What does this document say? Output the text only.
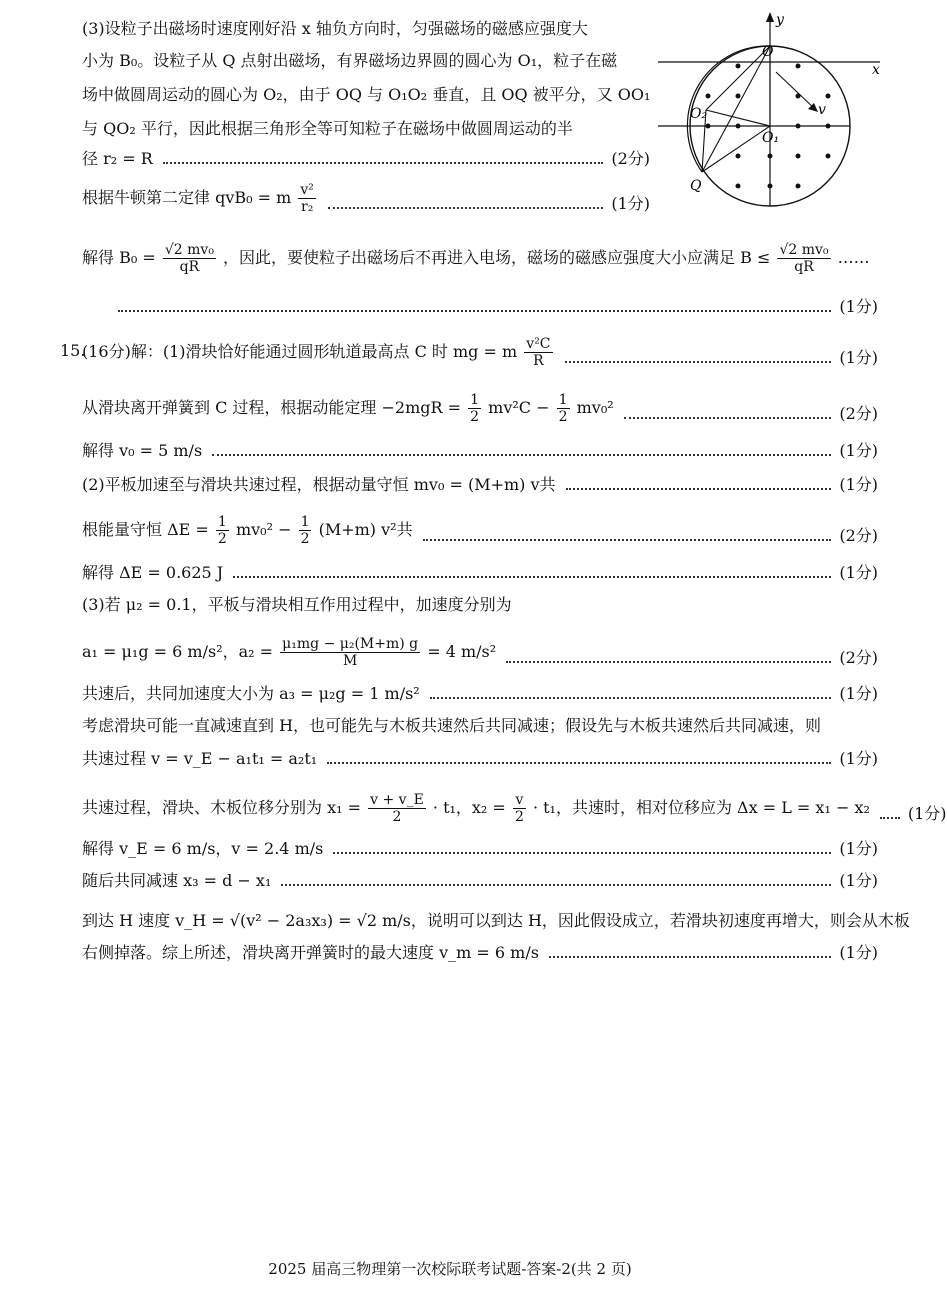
(3)设粒子出磁场时速度刚好沿 x 轴负方向时，匀强磁场的磁感应强度大
小为 B₀。设粒子从 Q 点射出磁场，有界磁场边界圆的圆心为 O₁，粒子在磁
场中做圆周运动的圆心为 O₂，由于 OQ 与 O₁O₂ 垂直，且 OQ 被平分，又 OO₁
与 QO₂ 平行，因此根据三角形全等可知粒子在磁场中做圆周运动的半
径 r₂ = R	(2分)
根据牛顿第二定律 qvB₀ = m $\frac{\text{v²}}{\text{r₂}}$	(1分)
解得 $B_0 = \frac{\text{√2 mv₀}}{qR}$ ，因此，要使粒子出磁场后不再进入电场，磁场的磁感应强度大小应满足 $B \le \frac{\text{√2 mv₀}}{qR}$ ……
(1分)
15.
(16分)解：(1)滑块恰好能通过圆形轨道最高点 C 时 mg = m $\frac{\text{v²C}}{R}$	(1分)
从滑块离开弹簧到 C 过程，根据动能定理 $-2mgR = \frac{1}{2} mv^2C - \frac{1}{2} mv_0^2$	(2分)
解得 v₀ = 5 m/s	(1分)
(2)平板加速至与滑块共速过程，根据动量守恒 mv₀ = (M+m) v共	(1分)
根能量守恒 $\Delta E = \frac{1}{2} mv_0^2 - \frac{1}{2} (M+m)$ v²共	(2分)
解得 ΔE = 0.625 J	(1分)
(3)若 μ₂ = 0.1，平板与滑块相互作用过程中，加速度分别为
a₁ = μ₁g = 6 m/s²，$a_2 = \frac{\text{μ₁mg − μ₂(M+m) g}}{M} = 4$ m/s²	(2分)
共速后，共同加速度大小为 a₃ = μ₂g = 1 m/s²	(1分)
考虑滑块可能一直减速直到 H，也可能先与木板共速然后共同减速；假设先与木板共速然后共同减速，则
共速过程 v = v_E − a₁t₁ = a₂t₁	(1分)
共速过程，滑块、木板位移分别为 $x_1 = \frac{v + v\_E}{2} \cdot t_1$，$x_2 = \frac{v}{2} \cdot t_1$，共速时，相对位移应为 Δx = L = x₁ − x₂ (1分)
解得 v_E = 6 m/s，v = 2.4 m/s	(1分)
随后共同减速 x₃ = d − x₁	(1分)
到达 H 速度 v_H = √(v² − 2a₃x₃) = √2 m/s，说明可以到达 H，因此假设成立，若滑块初速度再增大，则会从木板
右侧掉落。综上所述，滑块离开弹簧时的最大速度 v_m = 6 m/s	(1分)
y
x
O
O₁
O₂
Q
v
2025 届高三物理第一次校际联考试题-答案-2(共 2 页)
